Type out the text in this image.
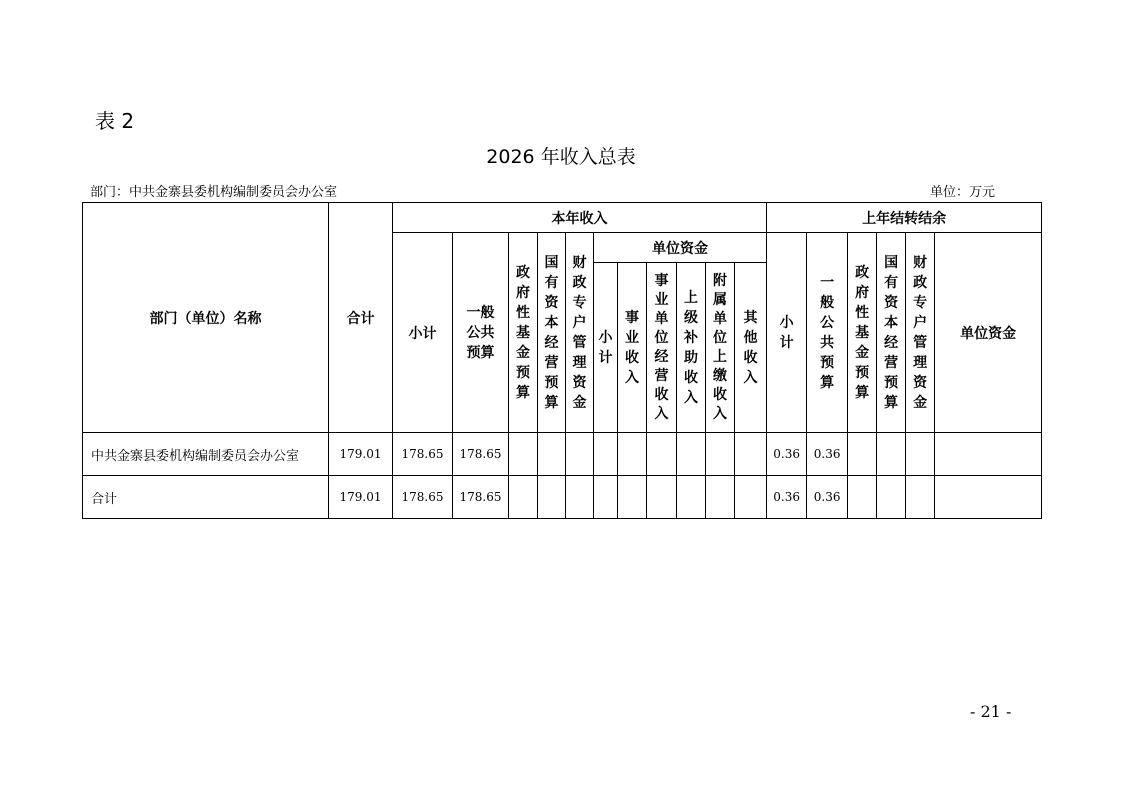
表 2
2026 年收入总表
部门：中共金寨县委机构编制委员会办公室	单位：万元
部门（单位）名称	合计	本年收入											上年结转结余					
		小计	一般公共预算	政府性基金预算	国有资本经营预算	财政专户管理资金	单位资金						小计	一般公共预算	政府性基金预算	国有资本经营预算	财政专户管理资金	单位资金
							小计	事业收入	事业单位经营收入	上级补助收入	附属单位上缴收入	其他收入						
中共金寨县委机构编制委员会办公室	179.01	178.65	178.65										0.36	0.36				
合计	179.01	178.65	178.65										0.36	0.36				
- 21 -
